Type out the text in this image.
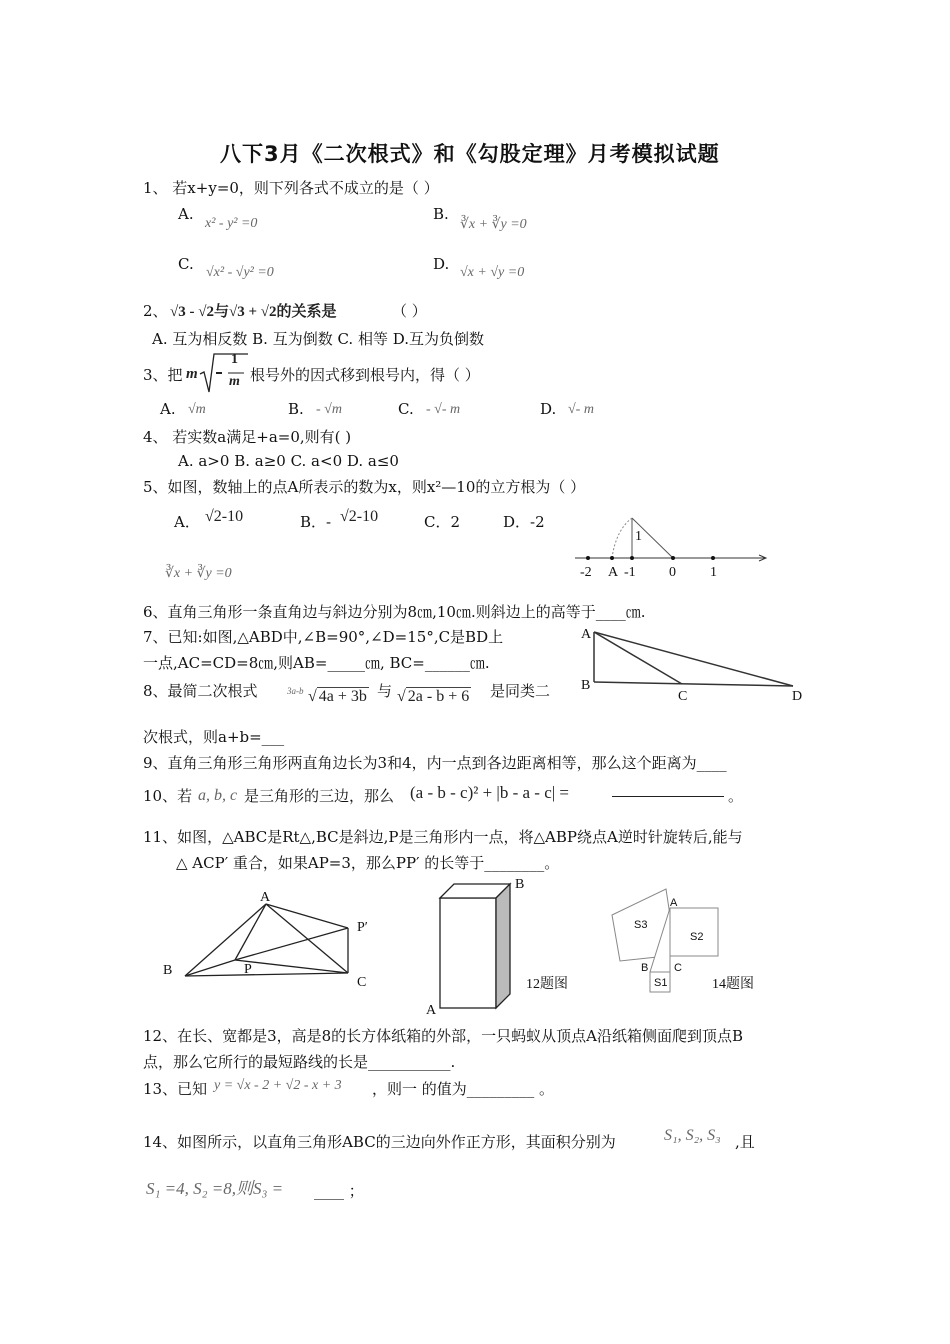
八下3月《二次根式》和《勾股定理》月考模拟试题
1、 若x+y=0，则下列各式不成立的是（ ）
A.
x² - y² =0
B.
∛x + ∛y =0
C. √x² - √y² =0	D. √x + √y =0
2、 √3 - √2与√3 + √2的关系是	（ ）
A. 互为相反数 B. 互为倒数 C. 相等 D.互为负倒数
3、把 m
1
m 根号外的因式移到根号内，得（ ）
A. √m	B. - √m	C. - √- m	D. √- m
4、 若实数a满足+a=0,则有( )
A. a>0 B. a≥0 C. a<0 D. a≤0
5、如图，数轴上的点A所表示的数为x，则x²—10的立方根为（ ）
A． √2-10	B．- √2-10	C．2	D．-2
∛x + ∛y =0
1
-2 A -1 0 1
6、直角三角形一条直角边与斜边分别为8㎝,10㎝.则斜边上的高等于____㎝.
7、已知:如图,△ABD中,∠B=90°,∠D=15°,C是BD上
一点,AC=CD=8㎝,则AB=_____㎝, BC=______㎝.
A
B
C	D
8、最简二次根式	3a-b √ 4a + 3b 与 √ 2a - b + 6 是同类二
次根式，则a+b=___
9、直角三角形三角形两直角边长为3和4，内一点到各边距离相等，那么这个距离为____
10、若 a, b, c 是三角形的三边，那么 (a - b - c)² + |b - a - c| =	。
11、如图，△ABC是Rt△,BC是斜边,P是三角形内一点，将△ABP绕点A逆时针旋转后,能与
△ ACP′ 重合，如果AP=3，那么PP′ 的长等于________。
A
P′
B	P
C
B
A
12题图
S3
A
S2
B C
S1	14题图
12、在长、宽都是3，高是8的长方体纸箱的外部，一只蚂蚁从顶点A沿纸箱侧面爬到顶点B
点，那么它所行的最短路线的长是___________.
13、已知 y = √x - 2 + √2 - x + 3 ，则一 的值为_________ 。
14、如图所示，以直角三角形ABC的三边向外作正方形，其面积分别为	S₁, S₂, S₃ ,且
S₁ =4, S₂ =8,则S₃ = ____ ；
